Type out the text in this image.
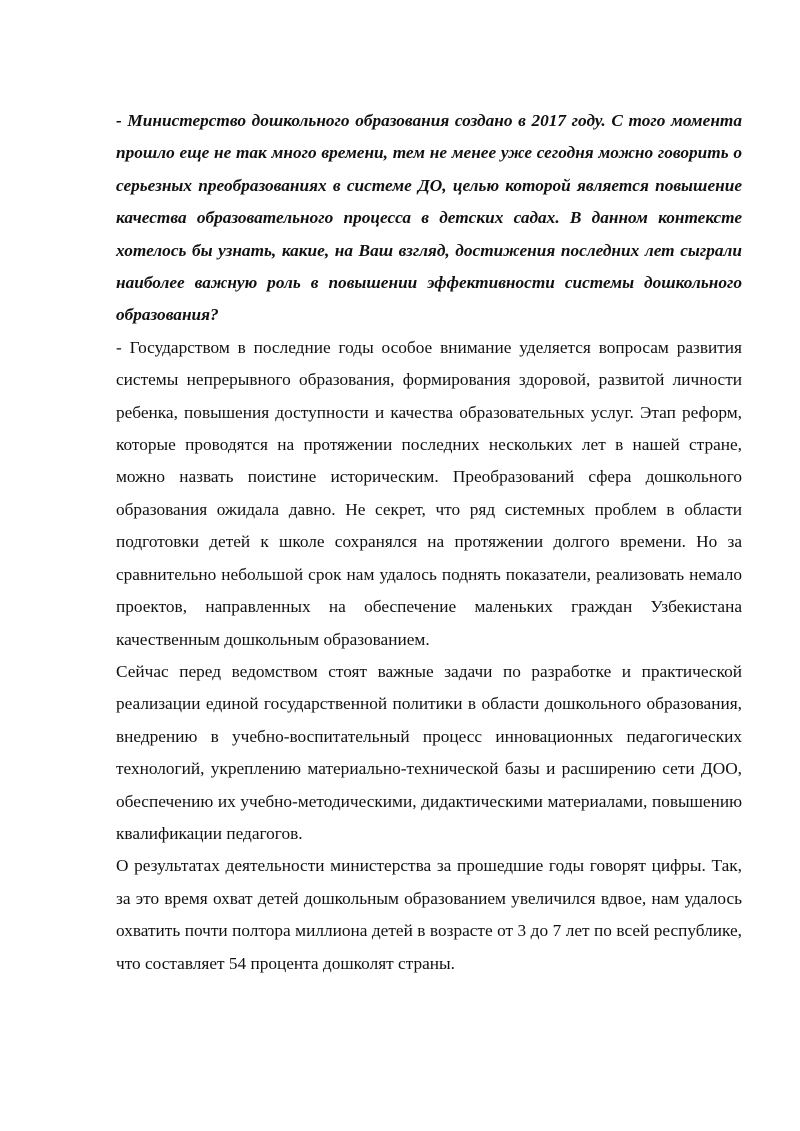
- Министерство дошкольного образования создано в 2017 году. С того момента прошло еще не так много времени, тем не менее уже сегодня можно говорить о серьезных преобразованиях в системе ДО, целью которой является повышение качества образовательного процесса в детских садах. В данном контексте хотелось бы узнать, какие, на Ваш взгляд, достижения последних лет сыграли наиболее важную роль в повышении эффективности системы дошкольного образования?

- Государством в последние годы особое внимание уделяется вопросам развития системы непрерывного образования, формирования здоровой, развитой личности ребенка, повышения доступности и качества образовательных услуг. Этап реформ, которые проводятся на протяжении последних нескольких лет в нашей стране, можно назвать поистине историческим. Преобразований сфера дошкольного образования ожидала давно. Не секрет, что ряд системных проблем в области подготовки детей к школе сохранялся на протяжении долгого времени. Но за сравнительно небольшой срок нам удалось поднять показатели, реализовать немало проектов, направленных на обеспечение маленьких граждан Узбекистана качественным дошкольным образованием.

Сейчас перед ведомством стоят важные задачи по разработке и практической реализации единой государственной политики в области дошкольного образования, внедрению в учебно-воспитательный процесс инновационных педагогических технологий, укреплению материально-технической базы и расширению сети ДОО, обеспечению их учебно-методическими, дидактическими материалами, повышению квалификации педагогов.

О результатах деятельности министерства за прошедшие годы говорят цифры. Так, за это время охват детей дошкольным образованием увеличился вдвое, нам удалось охватить почти полтора миллиона детей в возрасте от 3 до 7 лет по всей республике, что составляет 54 процента дошколят страны.
